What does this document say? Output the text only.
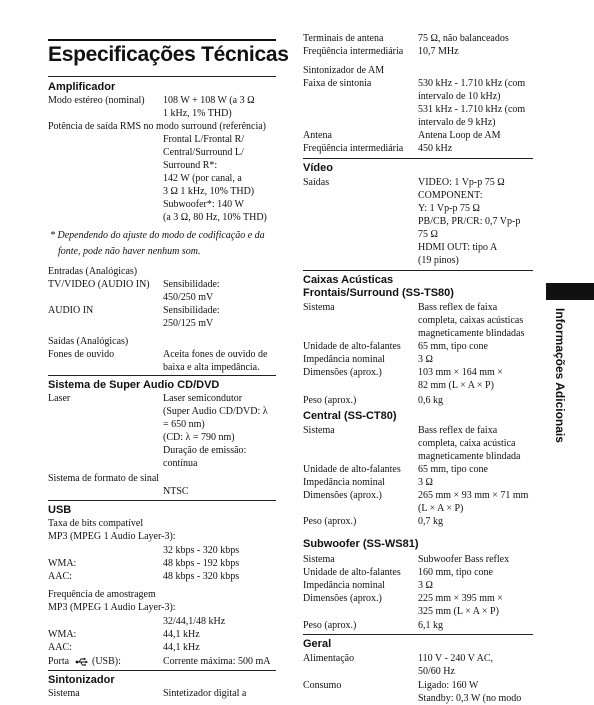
Especificações Técnicas
Amplificador
Modo estéreo (nominal) 108 W + 108 W (a 3 Ω
1 kHz, 1% THD)
Potência de saída RMS no modo surround (referência)
Frontal L/Frontal R/
Central/Surround L/
Surround R*:
142 W (por canal, a
3 Ω 1 kHz, 10% THD)
Subwoofer*: 140 W
(a 3 Ω, 80 Hz, 10% THD)
* Dependendo do ajuste do modo de codificação e da
fonte, pode não haver nenhum som.
Entradas (Analógicas)
TV/VIDEO (AUDIO IN) Sensibilidade:
450/250 mV
AUDIO IN	Sensibilidade:
250/125 mV
Saídas (Analógicas)
Fones de ouvido	Aceita fones de ouvido de
baixa e alta impedância.
Sistema de Super Audio CD/DVD
Laser	Laser semicondutor
(Super Audio CD/DVD: λ
= 650 nm)
(CD: λ = 790 nm)
Duração de emissão:
contínua
Sistema de formato de sinal
NTSC
USB
Taxa de bits compatível
MP3 (MPEG 1 Audio Layer-3):
32 kbps - 320 kbps
WMA:	48 kbps - 192 kbps
AAC:	48 kbps - 320 kbps
Frequência de amostragem
MP3 (MPEG 1 Audio Layer-3):
32/44,1/48 kHz
WMA:	44,1 kHz
AAC:	44,1 kHz
Porta (USB):	Corrente máxima: 500 mA
Sintonizador
Sistema	Sintetizador digital a
Terminais de antena	75 Ω, não balanceados
Freqüência intermediária 10,7 MHz
Sintonizador de AM
Faixa de sintonia	530 kHz - 1.710 kHz (com
intervalo de 10 kHz)
531 kHz - 1.710 kHz (com
intervalo de 9 kHz)
Antena	Antena Loop de AM
Freqüência intermediária 450 kHz
Vídeo
Saídas	VIDEO: 1 Vp-p 75 Ω
COMPONENT:
Y: 1 Vp-p 75 Ω
PB/CB, PR/CR: 0,7 Vp-p
75 Ω
HDMI OUT: tipo A
(19 pinos)
Caixas Acústicas
Frontais/Surround (SS-TS80)
Sistema	Bass reflex de faixa
completa, caixas acústicas
magneticamente blindadas
Unidade de alto-falantes 65 mm, tipo cone
Impedância nominal	3 Ω
Dimensões (aprox.)	103 mm × 164 mm ×
82 mm (L × A × P)
Peso (aprox.)	0,6 kg
Central (SS-CT80)
Sistema	Bass reflex de faixa
completa, caixa acústica
magneticamente blindada
Unidade de alto-falantes 65 mm, tipo cone
Impedância nominal	3 Ω
Dimensões (aprox.)	265 mm × 93 mm × 71 mm
(L × A × P)
Peso (aprox.)	0,7 kg
Subwoofer (SS-WS81)
Sistema	Subwoofer Bass reflex
Unidade de alto-falantes 160 mm, tipo cone
Impedância nominal	3 Ω
Dimensões (aprox.)	225 mm × 395 mm ×
325 mm (L × A × P)
Peso (aprox.)	6,1 kg
Geral
Alimentação	110 V - 240 V AC,
50/60 Hz
Consumo	Ligado: 160 W
Standby: 0,3 W (no modo
Informações Adicionais
